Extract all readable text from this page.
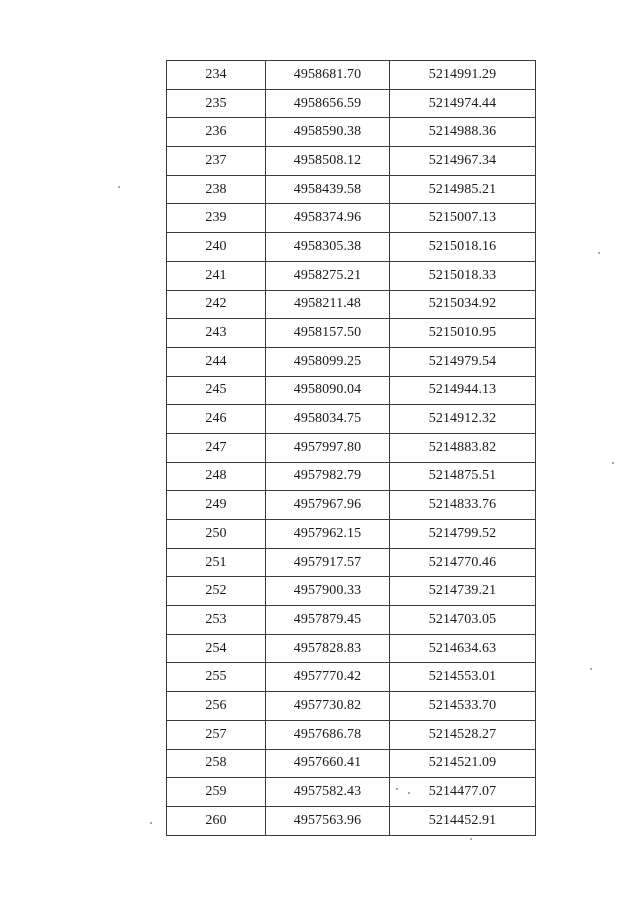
234	4958681.70	5214991.29
235	4958656.59	5214974.44
236	4958590.38	5214988.36
237	4958508.12	5214967.34
238	4958439.58	5214985.21
239	4958374.96	5215007.13
240	4958305.38	5215018.16
241	4958275.21	5215018.33
242	4958211.48	5215034.92
243	4958157.50	5215010.95
244	4958099.25	5214979.54
245	4958090.04	5214944.13
246	4958034.75	5214912.32
247	4957997.80	5214883.82
248	4957982.79	5214875.51
249	4957967.96	5214833.76
250	4957962.15	5214799.52
251	4957917.57	5214770.46
252	4957900.33	5214739.21
253	4957879.45	5214703.05
254	4957828.83	5214634.63
255	4957770.42	5214553.01
256	4957730.82	5214533.70
257	4957686.78	5214528.27
258	4957660.41	5214521.09
259	4957582.43	5214477.07
260	4957563.96	5214452.91
